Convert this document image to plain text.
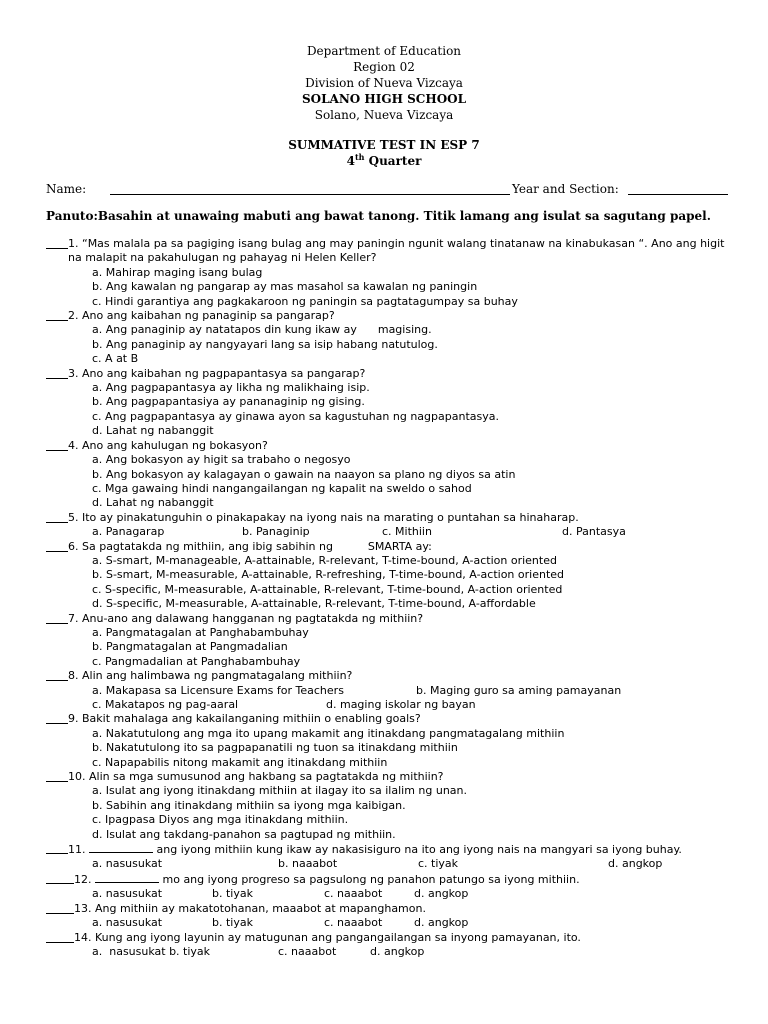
Department of Education
Region 02
Division of Nueva Vizcaya
SOLANO HIGH SCHOOL
Solano, Nueva Vizcaya
SUMMATIVE TEST IN ESP 7
4th Quarter
Name:	Year and Section:
Panuto:Basahin at unawaing mabuti ang bawat tanong. Titik lamang ang isulat sa sagutang papel.
1. “Mas malala pa sa pagiging isang bulag ang may paningin ngunit walang tinatanaw na kinabukasan “. Ano ang higit na malapit na pakahulugan ng pahayag ni Helen Keller?
a. Mahirap maging isang bulag
b. Ang kawalan ng pangarap ay mas masahol sa kawalan ng paningin
c. Hindi garantiya ang pagkakaroon ng paningin sa pagtatagumpay sa buhay
2. Ano ang kaibahan ng panaginip sa pangarap?
a. Ang panaginip ay natatapos din kung ikaw ay      magising.
b. Ang panaginip ay nangyayari lang sa isip habang natutulog.
c. A at B
3. Ano ang kaibahan ng pagpapantasya sa pangarap?
a. Ang pagpapantasya ay likha ng malikhaing isip.
b. Ang pagpapantasiya ay pananaginip ng gising.
c. Ang pagpapantasya ay ginawa ayon sa kagustuhan ng nagpapantasya.
d. Lahat ng nabanggit
4. Ano ang kahulugan ng bokasyon?
a. Ang bokasyon ay higit sa trabaho o negosyo
b. Ang bokasyon ay kalagayan o gawain na naayon sa plano ng diyos sa atin
c. Mga gawaing hindi nangangailangan ng kapalit na sweldo o sahod
d. Lahat ng nabanggit
5. Ito ay pinakatunguhin o pinakapakay na iyong nais na marating o puntahan sa hinaharap.
a. Panagarap	b. Panaginip	c. Mithiin	d. Pantasya
6. Sa pagtatakda ng mithiin, ang ibig sabihin ng          SMARTA ay:
a. S-smart, M-manageable, A-attainable, R-relevant, T-time-bound, A-action oriented
b. S-smart, M-measurable, A-attainable, R-refreshing, T-time-bound, A-action oriented
c. S-specific, M-measurable, A-attainable, R-relevant, T-time-bound, A-action oriented
d. S-specific, M-measurable, A-attainable, R-relevant, T-time-bound, A-affordable
7. Anu-ano ang dalawang hangganan ng pagtatakda ng mithiin?
a. Pangmatagalan at Panghabambuhay
b. Pangmatagalan at Pangmadalian
c. Pangmadalian at Panghabambuhay
8. Alin ang halimbawa ng pangmatagalang mithiin?
a. Makapasa sa Licensure Exams for Teachers	b. Maging guro sa aming pamayanan
c. Makatapos ng pag-aaral	d. maging iskolar ng bayan
9. Bakit mahalaga ang kakailanganing mithiin o enabling goals?
a. Nakatutulong ang mga ito upang makamit ang itinakdang pangmatagalang mithiin
b. Nakatutulong ito sa pagpapanatili ng tuon sa itinakdang mithiin
c. Napapabilis nitong makamit ang itinakdang mithiin
10. Alin sa mga sumusunod ang hakbang sa pagtatakda ng mithiin?
a. Isulat ang iyong itinakdang mithiin at ilagay ito sa ilalim ng unan.
b. Sabihin ang itinakdang mithiin sa iyong mga kaibigan.
c. Ipagpasa Diyos ang mga itinakdang mithiin.
d. Isulat ang takdang-panahon sa pagtupad ng mithiin.
11.	ang iyong mithiin kung ikaw ay nakasisiguro na ito ang iyong nais na mangyari sa iyong buhay.
a. nasusukat	b. naaabot	c. tiyak	d. angkop
12.	mo ang iyong progreso sa pagsulong ng panahon patungo sa iyong mithiin.
a. nasusukat	b. tiyak	c. naaabot	d. angkop
13. Ang mithiin ay makatotohanan, maaabot at mapanghamon.
a. nasusukat	b. tiyak	c. naaabot	d. angkop
14. Kung ang iyong layunin ay matugunan ang pangangailangan sa inyong pamayanan, ito.
a.  nasusukat b. tiyak	c. naaabot	d. angkop
